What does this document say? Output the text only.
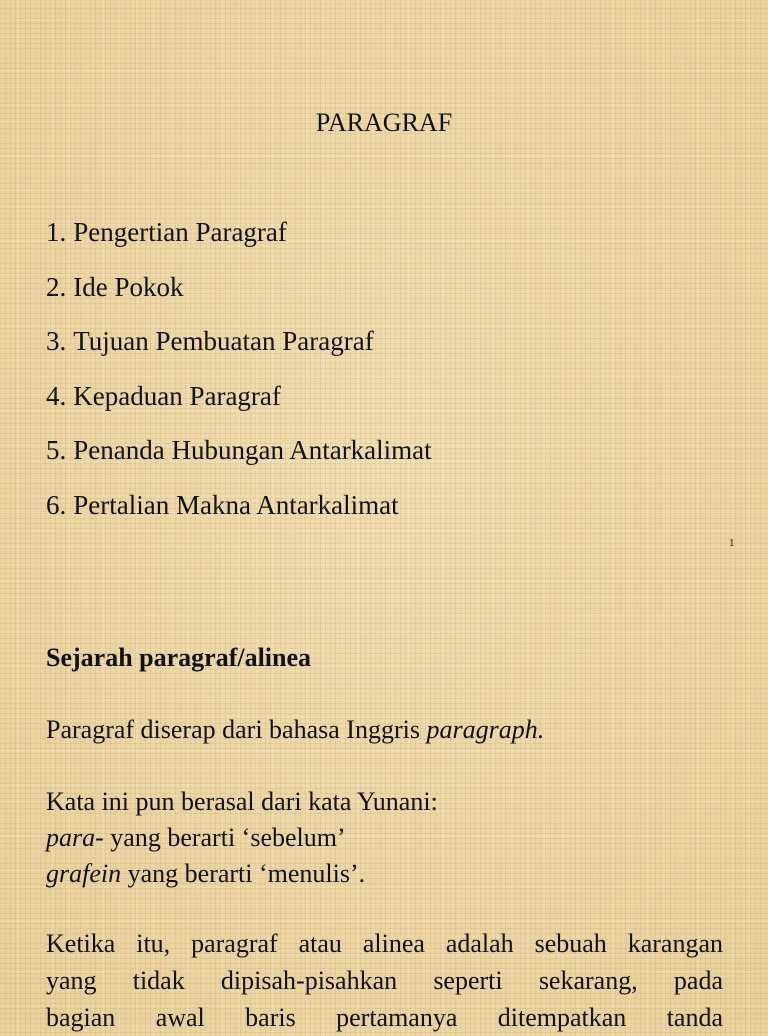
PARAGRAF
1. Pengertian Paragraf
2. Ide Pokok
3. Tujuan Pembuatan Paragraf
4. Kepaduan Paragraf
5. Penanda Hubungan Antarkalimat
6. Pertalian Makna Antarkalimat
1
Sejarah paragraf/alinea
Paragraf diserap dari bahasa Inggris paragraph.
Kata ini pun berasal dari kata Yunani:
para- yang berarti ‘sebelum’
grafein yang berarti ‘menulis’.
Ketika itu, paragraf atau alinea adalah sebuah karangan
yang tidak dipisah-pisahkan seperti sekarang, pada
bagian awal baris pertamanya ditempatkan tanda
